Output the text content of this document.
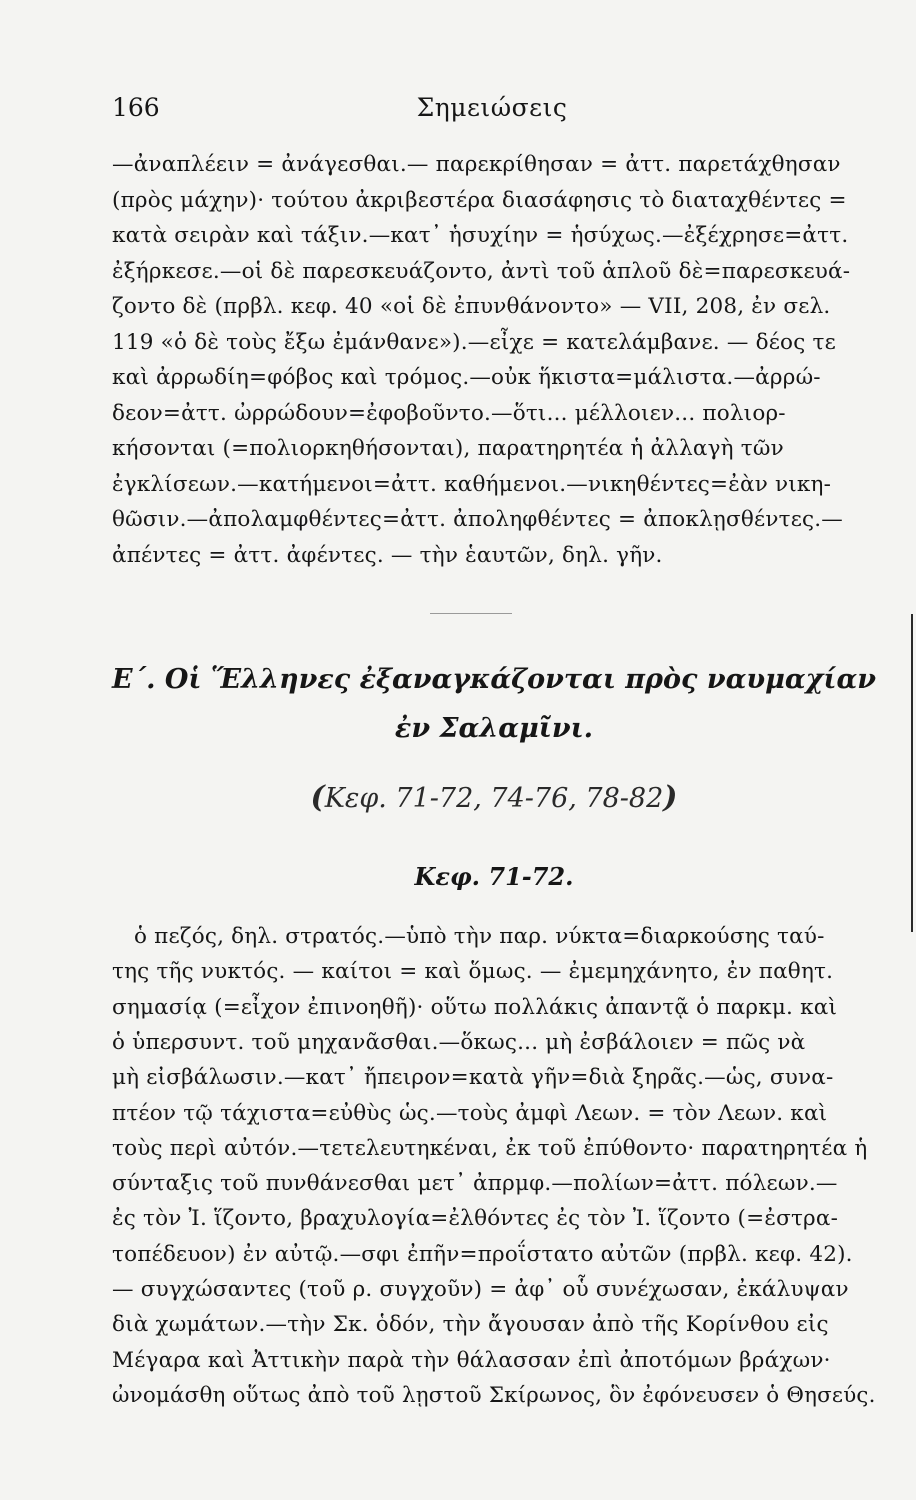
166	Σημειώσεις
—ἀναπλέειν = ἀνάγεσθαι.— παρεκρίθησαν = ἀττ. παρετάχθησαν
(πρὸς μάχην)· τούτου ἀκριβεστέρα διασάφησις τὸ διαταχθέντες =
κατὰ σειρὰν καὶ τάξιν.—κατ᾽ ἡσυχίην = ἡσύχως.—ἐξέχρησε=ἀττ.
ἐξήρκεσε.—οἱ δὲ παρεσκευάζοντο, ἀντὶ τοῦ ἁπλοῦ δὲ=παρεσκευά-
ζοντο δὲ (πρβλ. κεφ. 40 «οἱ δὲ ἐπυνθάνοντο» — VII, 208, ἐν σελ.
119 «ὁ δὲ τοὺς ἔξω ἐμάνθανε»).—εἶχε = κατελάμβανε. — δέος τε
καὶ ἀρρωδίη=φόβος καὶ τρόμος.—οὐκ ἥκιστα=μάλιστα.—ἀρρώ-
δεον=ἀττ. ὠρρώδουν=ἐφοβοῦντο.—ὅτι... μέλλοιεν... πολιορ-
κήσονται (=πολιορκηθήσονται), παρατηρητέα ἡ ἀλλαγὴ τῶν
ἐγκλίσεων.—κατήμενοι=ἀττ. καθήμενοι.—νικηθέντες=ἐὰν νικη-
θῶσιν.—ἀπολαμφθέντες=ἀττ. ἀποληφθέντες = ἀποκλῃσθέντες.—
ἀπέντες = ἀττ. ἀφέντες. — τὴν ἑαυτῶν, δηλ. γῆν.
Ε΄. Οἱ Ἕλληνες ἐξαναγκάζονται πρὸς ναυμαχίαν
ἐν Σαλαμῖνι.
(Κεφ. 71-72, 74-76, 78-82)
Κεφ. 71-72.
ὁ πεζός, δηλ. στρατός.—ὑπὸ τὴν παρ. νύκτα=διαρκούσης ταύ-
της τῆς νυκτός. — καίτοι = καὶ ὅμως. — ἐμεμηχάνητο, ἐν παθητ.
σημασίᾳ (=εἶχον ἐπινοηθῆ)· οὕτω πολλάκις ἀπαντᾷ ὁ παρκμ. καὶ
ὁ ὑπερσυντ. τοῦ μηχανᾶσθαι.—ὅκως... μὴ ἐσβάλοιεν = πῶς νὰ
μὴ εἰσβάλωσιν.—κατ᾽ ἤπειρον=κατὰ γῆν=διὰ ξηρᾶς.—ὡς, συνα-
πτέον τῷ τάχιστα=εὐθὺς ὡς.—τοὺς ἀμφὶ Λεων. = τὸν Λεων. καὶ
τοὺς περὶ αὐτόν.—τετελευτηκέναι, ἐκ τοῦ ἐπύθοντο· παρατηρητέα ἡ
σύνταξις τοῦ πυνθάνεσθαι μετ᾽ ἀπρμφ.—πολίων=ἀττ. πόλεων.—
ἐς τὸν Ἰ. ἵζοντο, βραχυλογία=ἐλθόντες ἐς τὸν Ἰ. ἵζοντο (=ἐστρα-
τοπέδευον) ἐν αὐτῷ.—σφι ἐπῆν=προΐστατο αὐτῶν (πρβλ. κεφ. 42).
— συγχώσαντες (τοῦ ρ. συγχοῦν) = ἀφ᾽ οὗ συνέχωσαν, ἐκάλυψαν
διὰ χωμάτων.—τὴν Σκ. ὁδόν, τὴν ἄγουσαν ἀπὸ τῆς Κορίνθου εἰς
Μέγαρα καὶ Ἀττικὴν παρὰ τὴν θάλασσαν ἐπὶ ἀποτόμων βράχων·
ὠνομάσθη οὕτως ἀπὸ τοῦ λῃστοῦ Σκίρωνος, ὃν ἐφόνευσεν ὁ Θησεύς.
